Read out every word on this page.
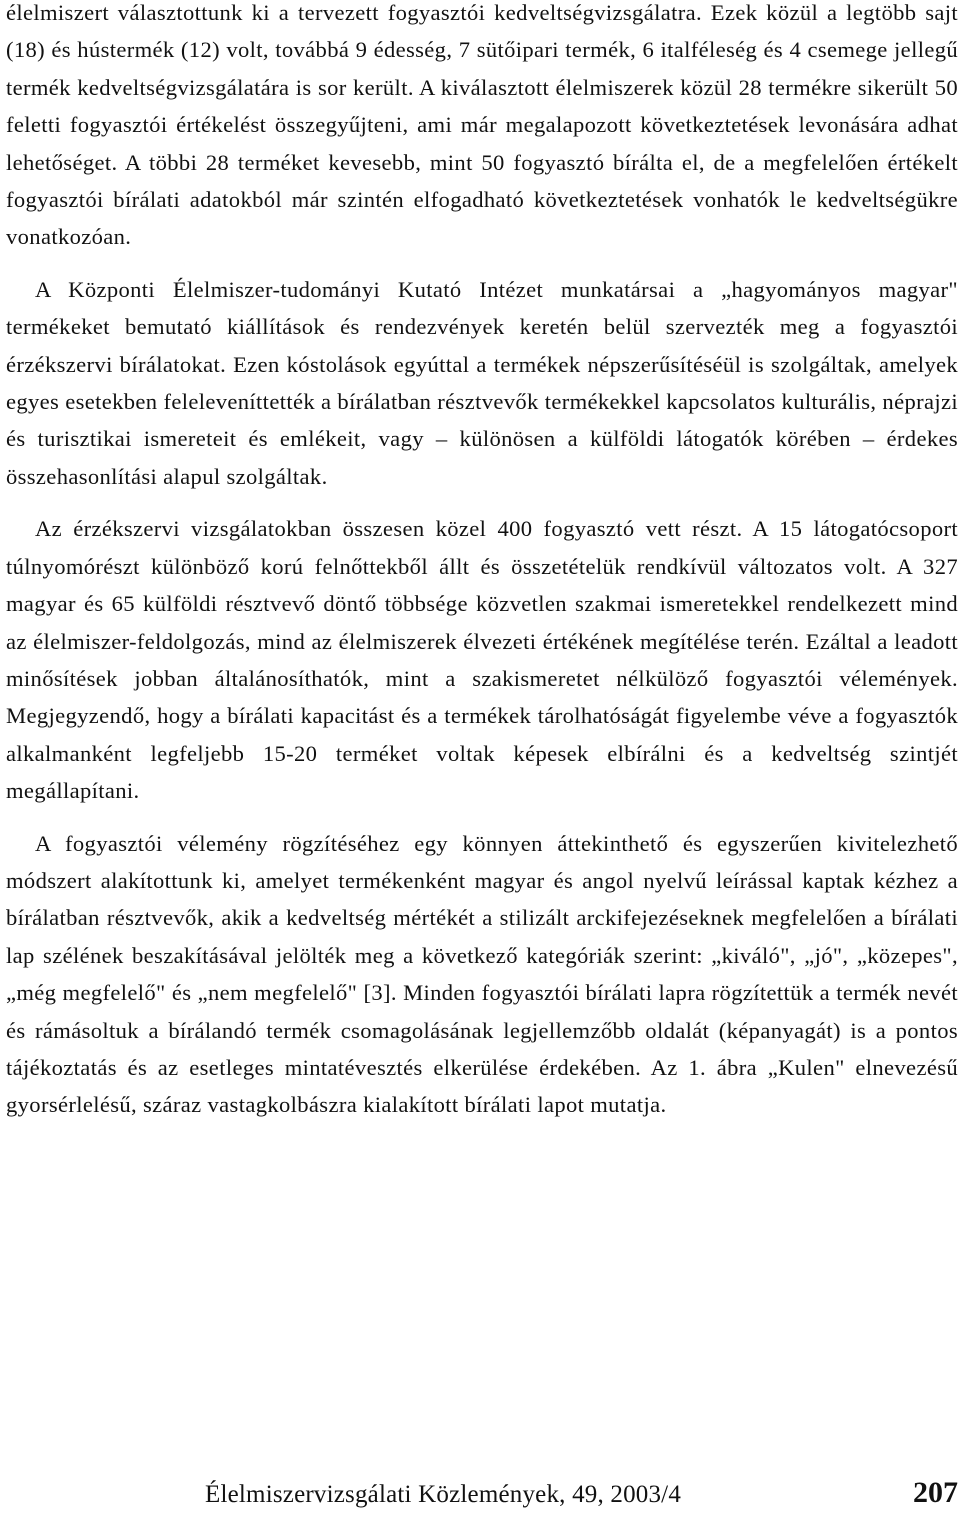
élelmiszert választottunk ki a tervezett fogyasztói kedveltségvizsgálatra. Ezek közül a legtöbb sajt (18) és hústermék (12) volt, továbbá 9 édesség, 7 sütőipari termék, 6 italféleség és 4 csemege jellegű termék kedveltségvizsgálatára is sor került. A kiválasztott élelmiszerek közül 28 termékre sikerült 50 feletti fogyasztói értékelést összegyűjteni, ami már megalapozott következtetések levonására adhat lehetőséget. A többi 28 terméket kevesebb, mint 50 fogyasztó bírálta el, de a megfelelően értékelt fogyasztói bírálati adatokból már szintén elfogadható következtetések vonhatók le kedveltségükre vonatkozóan.

A Központi Élelmiszer-tudományi Kutató Intézet munkatársai a „hagyományos magyar" termékeket bemutató kiállítások és rendezvények keretén belül szervezték meg a fogyasztói érzékszervi bírálatokat. Ezen kóstolások egyúttal a termékek népszerűsítéséül is szolgáltak, amelyek egyes esetekben feleleveníttették a bírálatban résztvevők termékekkel kapcsolatos kulturális, néprajzi és turisztikai ismereteit és emlékeit, vagy – különösen a külföldi látogatók körében – érdekes összehasonlítási alapul szolgáltak.

Az érzékszervi vizsgálatokban összesen közel 400 fogyasztó vett részt. A 15 látogatócsoport túlnyomórészt különböző korú felnőttekből állt és összetételük rendkívül változatos volt. A 327 magyar és 65 külföldi résztvevő döntő többsége közvetlen szakmai ismeretekkel rendelkezett mind az élelmiszer-feldolgozás, mind az élelmiszerek élvezeti értékének megítélése terén. Ezáltal a leadott minősítések jobban általánosíthatók, mint a szakismeretet nélkülöző fogyasztói vélemények. Megjegyzendő, hogy a bírálati kapacitást és a termékek tárolhatóságát figyelembe véve a fogyasztók alkalmanként legfeljebb 15-20 terméket voltak képesek elbírálni és a kedveltség szintjét megállapítani.

A fogyasztói vélemény rögzítéséhez egy könnyen áttekinthető és egyszerűen kivitelezhető módszert alakítottunk ki, amelyet termékenként magyar és angol nyelvű leírással kaptak kézhez a bírálatban résztvevők, akik a kedveltség mértékét a stilizált arckifejezéseknek megfelelően a bírálati lap szélének beszakításával jelölték meg a következő kategóriák szerint: „kiváló", „jó", „közepes", „még megfelelő" és „nem megfelelő" [3]. Minden fogyasztói bírálati lapra rögzítettük a termék nevét és rámásoltuk a bírálandó termék csomagolásának legjellemzőbb oldalát (képanyagát) is a pontos tájékoztatás és az esetleges mintatévesztés elkerülése érdekében. Az 1. ábra „Kulen" elnevezésű gyorsérlelésű, száraz vastagkolbászra kialakított bírálati lapot mutatja.

Élelmiszervizsgálati Közlemények, 49, 2003/4	207
